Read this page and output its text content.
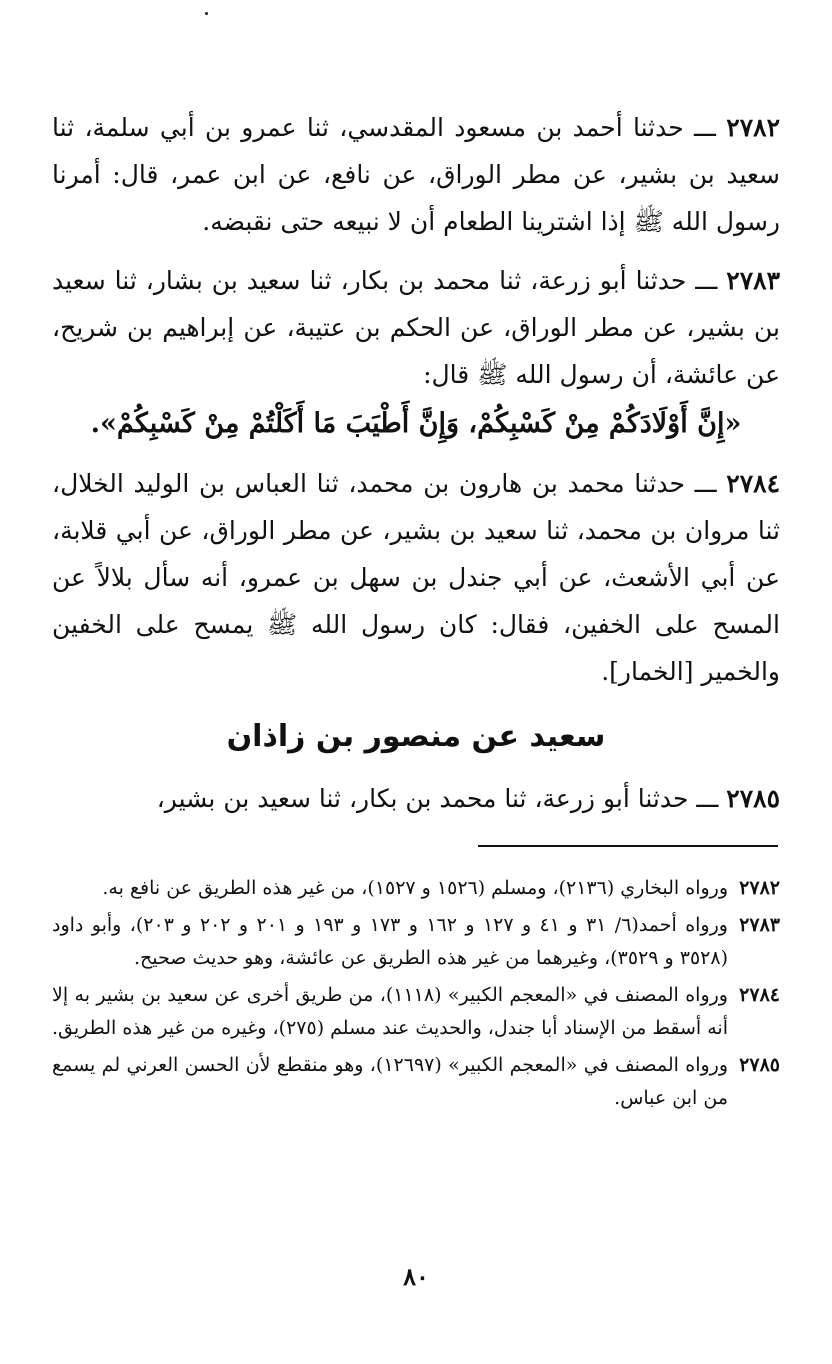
٢٧٨٢ ـــ حدثنا أحمد بن مسعود المقدسي، ثنا عمرو بن أبي سلمة، ثنا سعيد بن بشير، عن مطر الوراق، عن نافع، عن ابن عمر، قال: أمرنا رسول الله ﷺ إذا اشترينا الطعام أن لا نبيعه حتى نقبضه.

٢٧٨٣ ـــ حدثنا أبو زرعة، ثنا محمد بن بكار، ثنا سعيد بن بشار، ثنا سعيد بن بشير، عن مطر الوراق، عن الحكم بن عتيبة، عن إبراهيم بن شريح، عن عائشة، أن رسول الله ﷺ قال:

«إِنَّ أَوْلَادَكُمْ مِنْ كَسْبِكُمْ، وَإِنَّ أَطْيَبَ مَا أَكَلْتُمْ مِنْ كَسْبِكُمْ».

٢٧٨٤ ـــ حدثنا محمد بن هارون بن محمد، ثنا العباس بن الوليد الخلال، ثنا مروان بن محمد، ثنا سعيد بن بشير، عن مطر الوراق، عن أبي قلابة، عن أبي الأشعث، عن أبي جندل بن سهل بن عمرو، أنه سأل بلالاً عن المسح على الخفين، فقال: كان رسول الله ﷺ يمسح على الخفين والخمير [الخمار].

سعيد عن منصور بن زاذان

٢٧٨٥ ـــ حدثنا أبو زرعة، ثنا محمد بن بكار، ثنا سعيد بن بشير،

٢٧٨٢
ورواه البخاري (٢١٣٦)، ومسلم (١٥٢٦ و ١٥٢٧)، من غير هذه الطريق عن نافع به.
٢٧٨٣
ورواه أحمد(٦/ ٣١ و ٤١ و ١٢٧ و ١٦٢ و ١٧٣ و ١٩٣ و ٢٠١ و ٢٠٢ و ٢٠٣)، وأبو داود (٣٥٢٨ و ٣٥٢٩)، وغيرهما من غير هذه الطريق عن عائشة، وهو حديث صحيح.
٢٧٨٤
ورواه المصنف في «المعجم الكبير» (١١١٨)، من طريق أخرى عن سعيد بن بشير به إلا أنه أسقط من الإسناد أبا جندل، والحديث عند مسلم (٢٧٥)، وغيره من غير هذه الطريق.
٢٧٨٥
ورواه المصنف في «المعجم الكبير» (١٢٦٩٧)، وهو منقطع لأن الحسن العرني لم يسمع من ابن عباس.
٨٠
